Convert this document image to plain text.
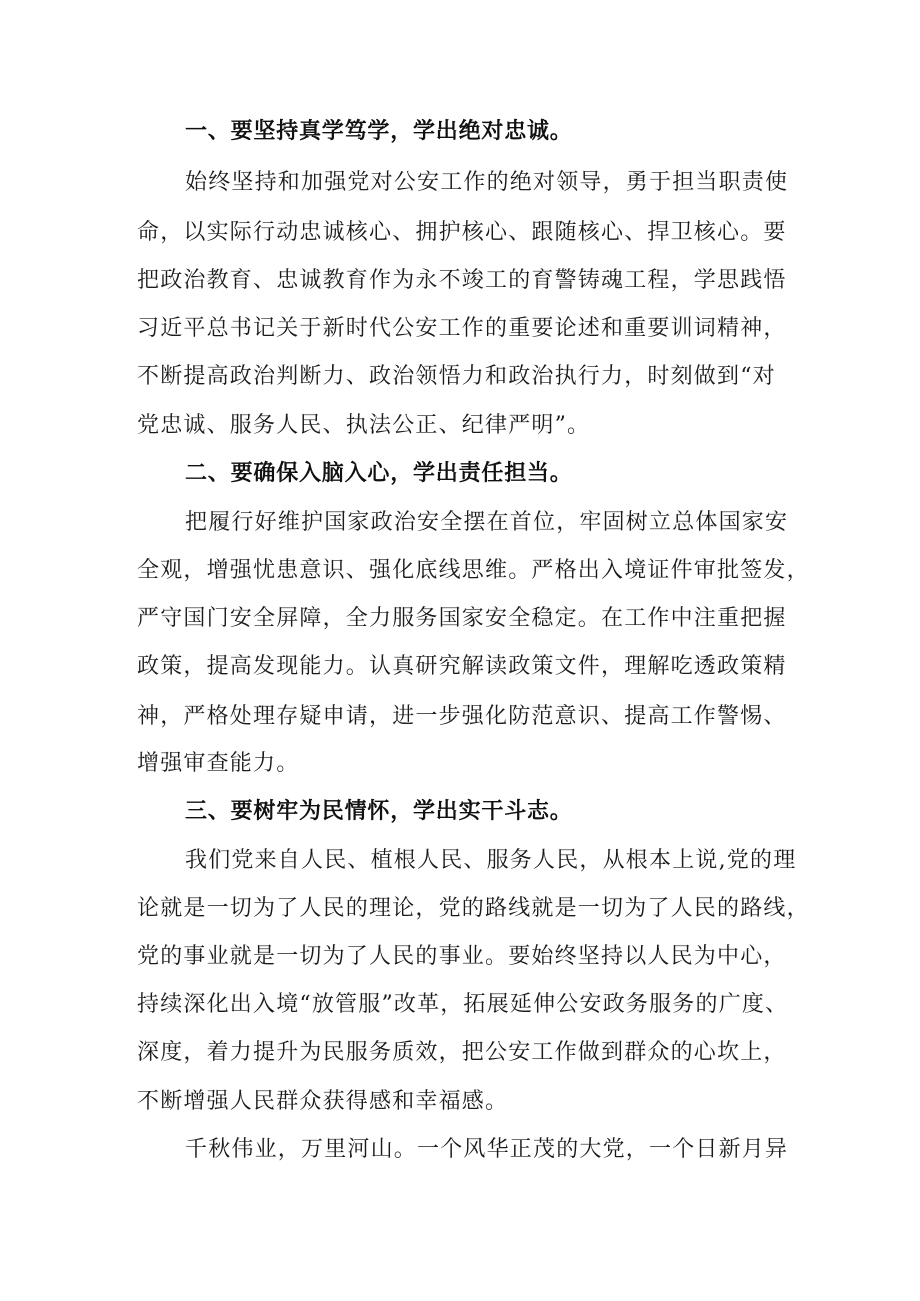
一、要坚持真学笃学，学出绝对忠诚。
始终坚持和加强党对公安工作的绝对领导，勇于担当职责使
命，以实际行动忠诚核心、拥护核心、跟随核心、捍卫核心。要
把政治教育、忠诚教育作为永不竣工的育警铸魂工程，学思践悟
习近平总书记关于新时代公安工作的重要论述和重要训词精神，
不断提高政治判断力、政治领悟力和政治执行力，时刻做到“对
党忠诚、服务人民、执法公正、纪律严明”。
二、要确保入脑入心，学出责任担当。
把履行好维护国家政治安全摆在首位，牢固树立总体国家安
全观，增强忧患意识、强化底线思维。严格出入境证件审批签发，
严守国门安全屏障，全力服务国家安全稳定。在工作中注重把握
政策，提高发现能力。认真研究解读政策文件，理解吃透政策精
神，严格处理存疑申请，进一步强化防范意识、提高工作警惕、
增强审查能力。
三、要树牢为民情怀，学出实干斗志。
我们党来自人民、植根人民、服务人民，从根本上说,党的理
论就是一切为了人民的理论，党的路线就是一切为了人民的路线，
党的事业就是一切为了人民的事业。要始终坚持以人民为中心，
持续深化出入境“放管服”改革，拓展延伸公安政务服务的广度、
深度，着力提升为民服务质效，把公安工作做到群众的心坎上，
不断增强人民群众获得感和幸福感。
千秋伟业，万里河山。一个风华正茂的大党，一个日新月异
